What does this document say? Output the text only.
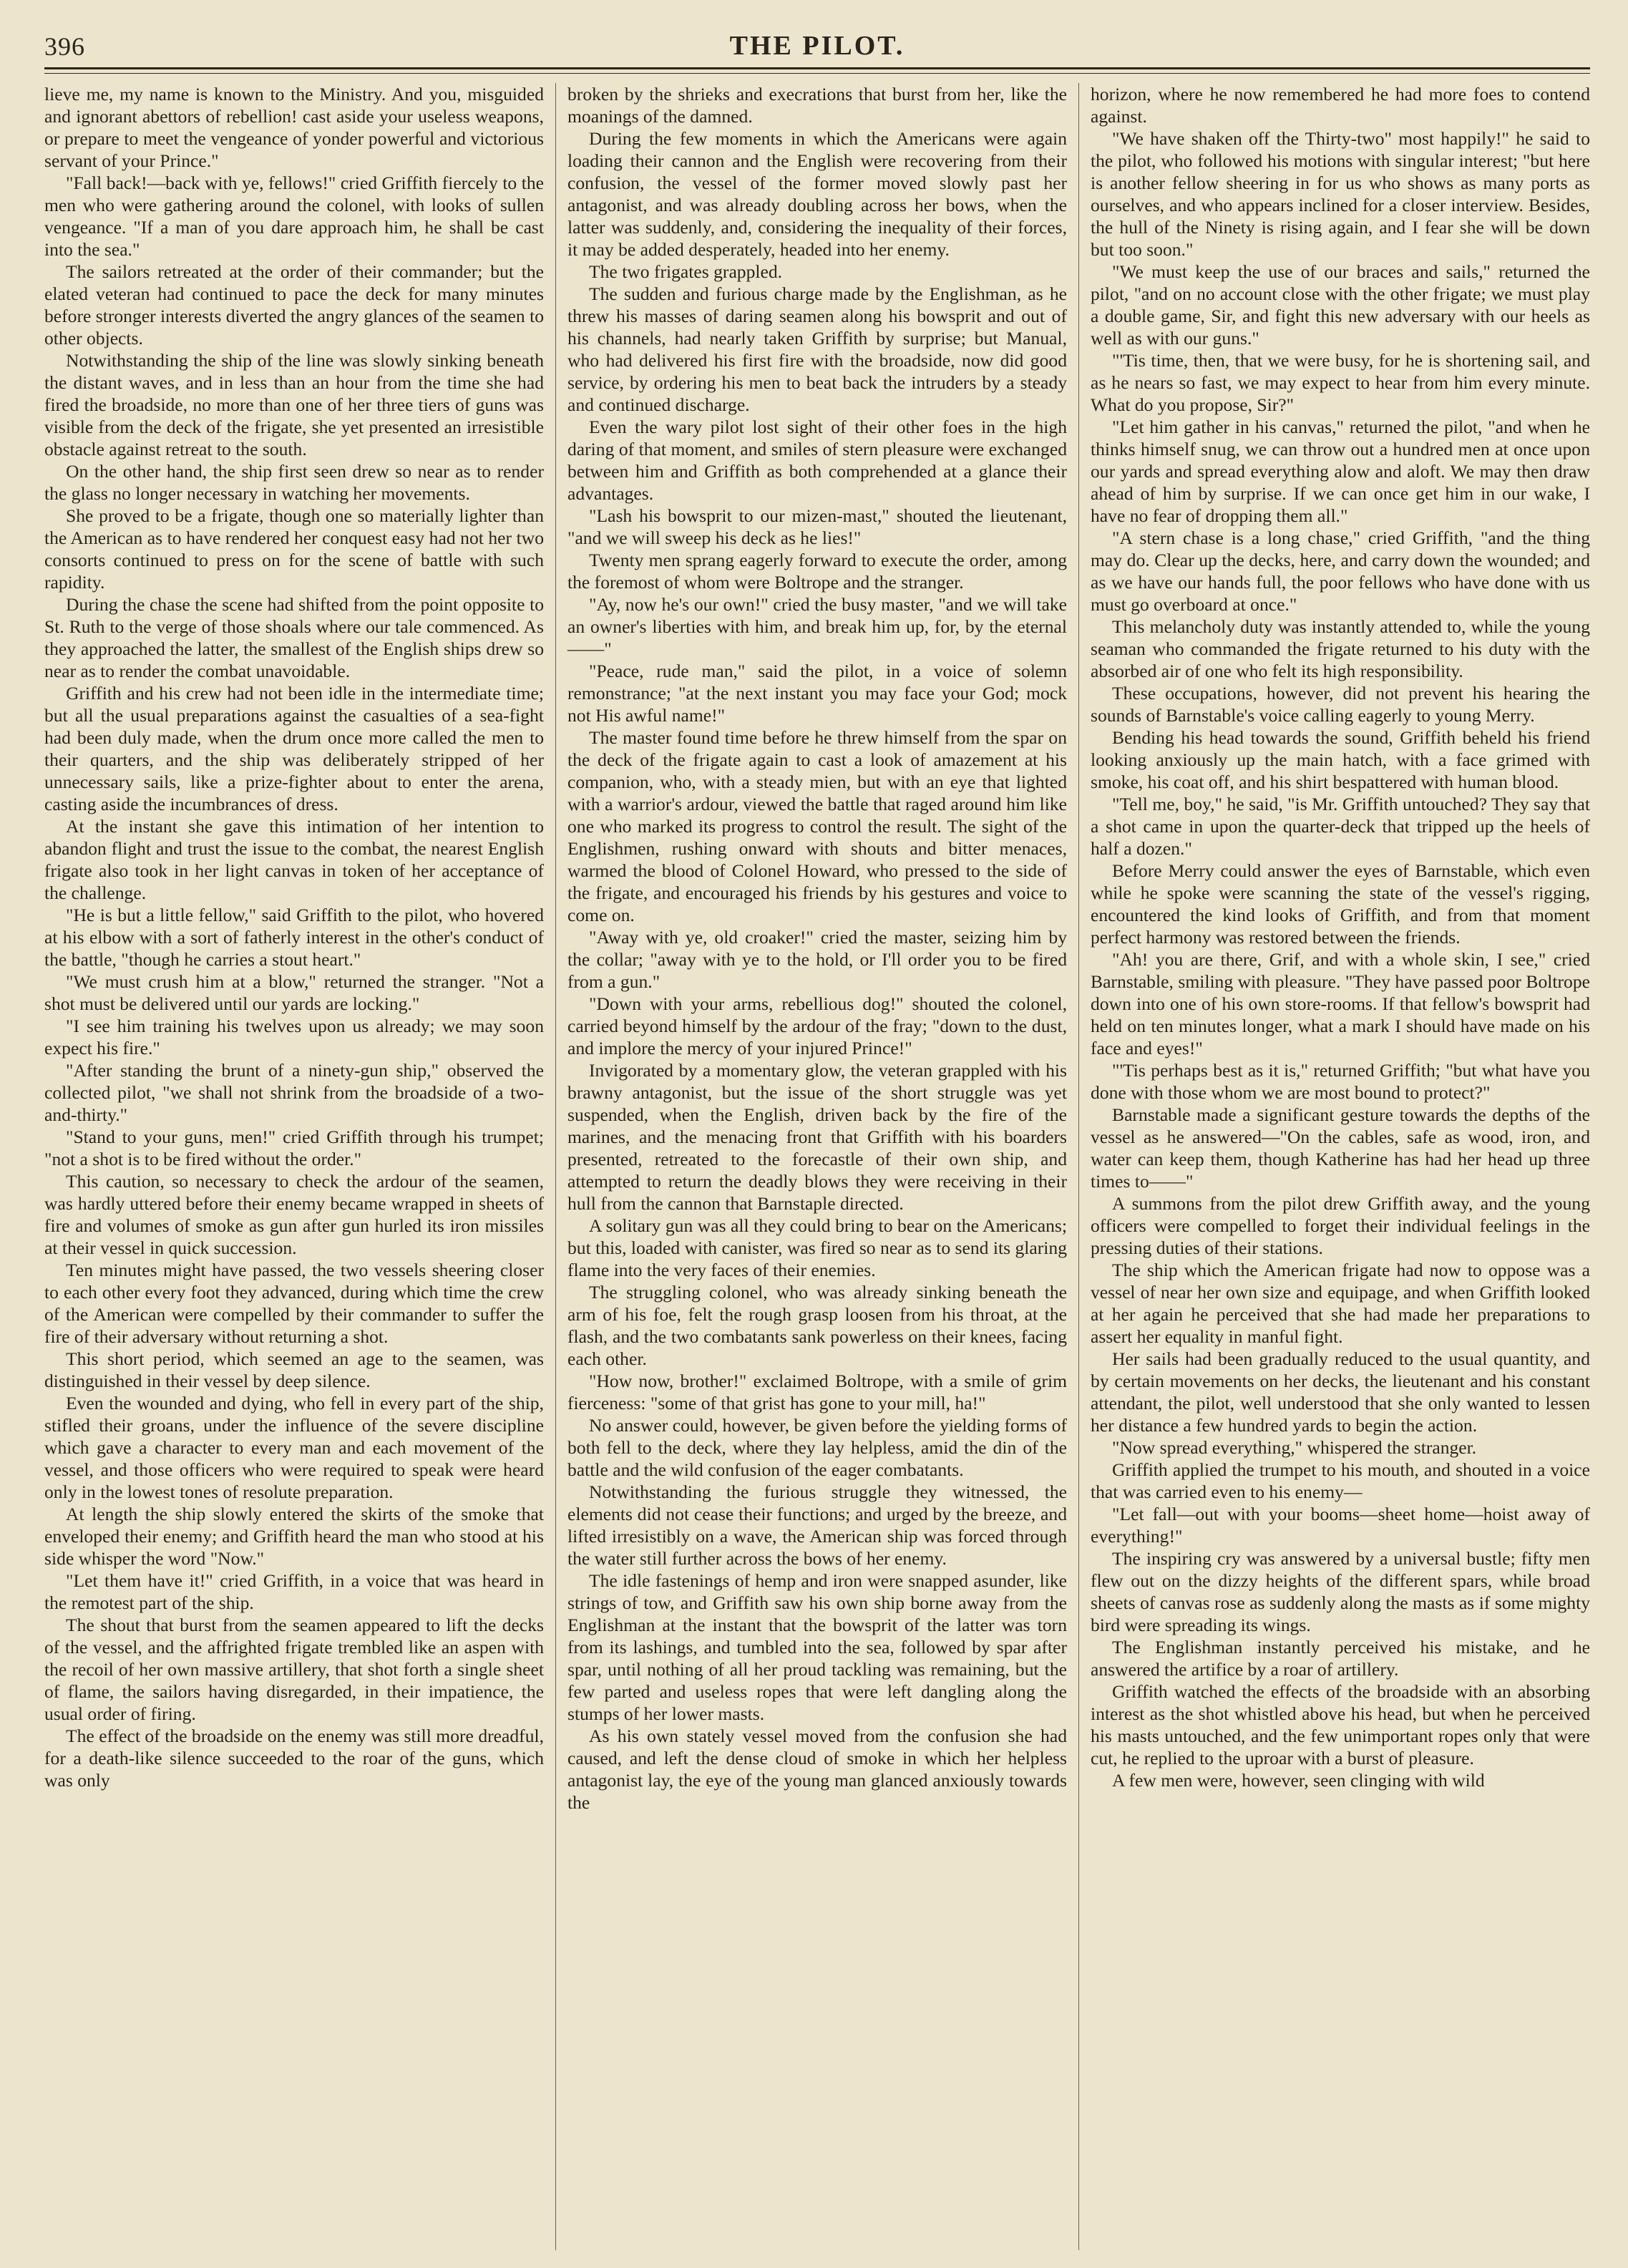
396	THE PILOT.

lieve me, my name is known to the Ministry. And you, misguided and ignorant abettors of rebellion! cast aside your useless weapons, or prepare to meet the vengeance of yonder powerful and victorious servant of your Prince."

"Fall back!—back with ye, fellows!" cried Griffith fiercely to the men who were gathering around the colonel, with looks of sullen vengeance. "If a man of you dare approach him, he shall be cast into the sea."

The sailors retreated at the order of their commander; but the elated veteran had continued to pace the deck for many minutes before stronger interests diverted the angry glances of the seamen to other objects.

Notwithstanding the ship of the line was slowly sinking beneath the distant waves, and in less than an hour from the time she had fired the broadside, no more than one of her three tiers of guns was visible from the deck of the frigate, she yet presented an irresistible obstacle against retreat to the south.

On the other hand, the ship first seen drew so near as to render the glass no longer necessary in watching her movements.

She proved to be a frigate, though one so materially lighter than the American as to have rendered her conquest easy had not her two consorts continued to press on for the scene of battle with such rapidity.

During the chase the scene had shifted from the point opposite to St. Ruth to the verge of those shoals where our tale commenced. As they approached the latter, the smallest of the English ships drew so near as to render the combat unavoidable.

Griffith and his crew had not been idle in the intermediate time; but all the usual preparations against the casualties of a sea-fight had been duly made, when the drum once more called the men to their quarters, and the ship was deliberately stripped of her unnecessary sails, like a prize-fighter about to enter the arena, casting aside the incumbrances of dress.

At the instant she gave this intimation of her intention to abandon flight and trust the issue to the combat, the nearest English frigate also took in her light canvas in token of her acceptance of the challenge.

"He is but a little fellow," said Griffith to the pilot, who hovered at his elbow with a sort of fatherly interest in the other's conduct of the battle, "though he carries a stout heart."

"We must crush him at a blow," returned the stranger. "Not a shot must be delivered until our yards are locking."

"I see him training his twelves upon us already; we may soon expect his fire."

"After standing the brunt of a ninety-gun ship," observed the collected pilot, "we shall not shrink from the broadside of a two-and-thirty."

"Stand to your guns, men!" cried Griffith through his trumpet; "not a shot is to be fired without the order."

This caution, so necessary to check the ardour of the seamen, was hardly uttered before their enemy became wrapped in sheets of fire and volumes of smoke as gun after gun hurled its iron missiles at their vessel in quick succession.

Ten minutes might have passed, the two vessels sheering closer to each other every foot they advanced, during which time the crew of the American were compelled by their commander to suffer the fire of their adversary without returning a shot.

This short period, which seemed an age to the seamen, was distinguished in their vessel by deep silence.

Even the wounded and dying, who fell in every part of the ship, stifled their groans, under the influence of the severe discipline which gave a character to every man and each movement of the vessel, and those officers who were required to speak were heard only in the lowest tones of resolute preparation.

At length the ship slowly entered the skirts of the smoke that enveloped their enemy; and Griffith heard the man who stood at his side whisper the word "Now."

"Let them have it!" cried Griffith, in a voice that was heard in the remotest part of the ship.

The shout that burst from the seamen appeared to lift the decks of the vessel, and the affrighted frigate trembled like an aspen with the recoil of her own massive artillery, that shot forth a single sheet of flame, the sailors having disregarded, in their impatience, the usual order of firing.

The effect of the broadside on the enemy was still more dreadful, for a death-like silence succeeded to the roar of the guns, which was only

broken by the shrieks and execrations that burst from her, like the moanings of the damned.

During the few moments in which the Americans were again loading their cannon and the English were recovering from their confusion, the vessel of the former moved slowly past her antagonist, and was already doubling across her bows, when the latter was suddenly, and, considering the inequality of their forces, it may be added desperately, headed into her enemy.

The two frigates grappled.

The sudden and furious charge made by the Englishman, as he threw his masses of daring seamen along his bowsprit and out of his channels, had nearly taken Griffith by surprise; but Manual, who had delivered his first fire with the broadside, now did good service, by ordering his men to beat back the intruders by a steady and continued discharge.

Even the wary pilot lost sight of their other foes in the high daring of that moment, and smiles of stern pleasure were exchanged between him and Griffith as both comprehended at a glance their advantages.

"Lash his bowsprit to our mizen-mast," shouted the lieutenant, "and we will sweep his deck as he lies!"

Twenty men sprang eagerly forward to execute the order, among the foremost of whom were Boltrope and the stranger.

"Ay, now he's our own!" cried the busy master, "and we will take an owner's liberties with him, and break him up, for, by the eternal——"

"Peace, rude man," said the pilot, in a voice of solemn remonstrance; "at the next instant you may face your God; mock not His awful name!"

The master found time before he threw himself from the spar on the deck of the frigate again to cast a look of amazement at his companion, who, with a steady mien, but with an eye that lighted with a warrior's ardour, viewed the battle that raged around him like one who marked its progress to control the result. The sight of the Englishmen, rushing onward with shouts and bitter menaces, warmed the blood of Colonel Howard, who pressed to the side of the frigate, and encouraged his friends by his gestures and voice to come on.

"Away with ye, old croaker!" cried the master, seizing him by the collar; "away with ye to the hold, or I'll order you to be fired from a gun."

"Down with your arms, rebellious dog!" shouted the colonel, carried beyond himself by the ardour of the fray; "down to the dust, and implore the mercy of your injured Prince!"

Invigorated by a momentary glow, the veteran grappled with his brawny antagonist, but the issue of the short struggle was yet suspended, when the English, driven back by the fire of the marines, and the menacing front that Griffith with his boarders presented, retreated to the forecastle of their own ship, and attempted to return the deadly blows they were receiving in their hull from the cannon that Barnstaple directed.

A solitary gun was all they could bring to bear on the Americans; but this, loaded with canister, was fired so near as to send its glaring flame into the very faces of their enemies.

The struggling colonel, who was already sinking beneath the arm of his foe, felt the rough grasp loosen from his throat, at the flash, and the two combatants sank powerless on their knees, facing each other.

"How now, brother!" exclaimed Boltrope, with a smile of grim fierceness: "some of that grist has gone to your mill, ha!"

No answer could, however, be given before the yielding forms of both fell to the deck, where they lay helpless, amid the din of the battle and the wild confusion of the eager combatants.

Notwithstanding the furious struggle they witnessed, the elements did not cease their functions; and urged by the breeze, and lifted irresistibly on a wave, the American ship was forced through the water still further across the bows of her enemy.

The idle fastenings of hemp and iron were snapped asunder, like strings of tow, and Griffith saw his own ship borne away from the Englishman at the instant that the bowsprit of the latter was torn from its lashings, and tumbled into the sea, followed by spar after spar, until nothing of all her proud tackling was remaining, but the few parted and useless ropes that were left dangling along the stumps of her lower masts.

As his own stately vessel moved from the confusion she had caused, and left the dense cloud of smoke in which her helpless antagonist lay, the eye of the young man glanced anxiously towards the

horizon, where he now remembered he had more foes to contend against.

"We have shaken off the Thirty-two" most happily!" he said to the pilot, who followed his motions with singular interest; "but here is another fellow sheering in for us who shows as many ports as ourselves, and who appears inclined for a closer interview. Besides, the hull of the Ninety is rising again, and I fear she will be down but too soon."

"We must keep the use of our braces and sails," returned the pilot, "and on no account close with the other frigate; we must play a double game, Sir, and fight this new adversary with our heels as well as with our guns."

"'Tis time, then, that we were busy, for he is shortening sail, and as he nears so fast, we may expect to hear from him every minute. What do you propose, Sir?"

"Let him gather in his canvas," returned the pilot, "and when he thinks himself snug, we can throw out a hundred men at once upon our yards and spread everything alow and aloft. We may then draw ahead of him by surprise. If we can once get him in our wake, I have no fear of dropping them all."

"A stern chase is a long chase," cried Griffith, "and the thing may do. Clear up the decks, here, and carry down the wounded; and as we have our hands full, the poor fellows who have done with us must go overboard at once."

This melancholy duty was instantly attended to, while the young seaman who commanded the frigate returned to his duty with the absorbed air of one who felt its high responsibility.

These occupations, however, did not prevent his hearing the sounds of Barnstable's voice calling eagerly to young Merry.

Bending his head towards the sound, Griffith beheld his friend looking anxiously up the main hatch, with a face grimed with smoke, his coat off, and his shirt bespattered with human blood.

"Tell me, boy," he said, "is Mr. Griffith untouched? They say that a shot came in upon the quarter-deck that tripped up the heels of half a dozen."

Before Merry could answer the eyes of Barnstable, which even while he spoke were scanning the state of the vessel's rigging, encountered the kind looks of Griffith, and from that moment perfect harmony was restored between the friends.

"Ah! you are there, Grif, and with a whole skin, I see," cried Barnstable, smiling with pleasure. "They have passed poor Boltrope down into one of his own store-rooms. If that fellow's bowsprit had held on ten minutes longer, what a mark I should have made on his face and eyes!"

"'Tis perhaps best as it is," returned Griffith; "but what have you done with those whom we are most bound to protect?"

Barnstable made a significant gesture towards the depths of the vessel as he answered—"On the cables, safe as wood, iron, and water can keep them, though Katherine has had her head up three times to——"

A summons from the pilot drew Griffith away, and the young officers were compelled to forget their individual feelings in the pressing duties of their stations.

The ship which the American frigate had now to oppose was a vessel of near her own size and equipage, and when Griffith looked at her again he perceived that she had made her preparations to assert her equality in manful fight.

Her sails had been gradually reduced to the usual quantity, and by certain movements on her decks, the lieutenant and his constant attendant, the pilot, well understood that she only wanted to lessen her distance a few hundred yards to begin the action.

"Now spread everything," whispered the stranger.

Griffith applied the trumpet to his mouth, and shouted in a voice that was carried even to his enemy—

"Let fall—out with your booms—sheet home—hoist away of everything!"

The inspiring cry was answered by a universal bustle; fifty men flew out on the dizzy heights of the different spars, while broad sheets of canvas rose as suddenly along the masts as if some mighty bird were spreading its wings.

The Englishman instantly perceived his mistake, and he answered the artifice by a roar of artillery.

Griffith watched the effects of the broadside with an absorbing interest as the shot whistled above his head, but when he perceived his masts untouched, and the few unimportant ropes only that were cut, he replied to the uproar with a burst of pleasure.

A few men were, however, seen clinging with wild
